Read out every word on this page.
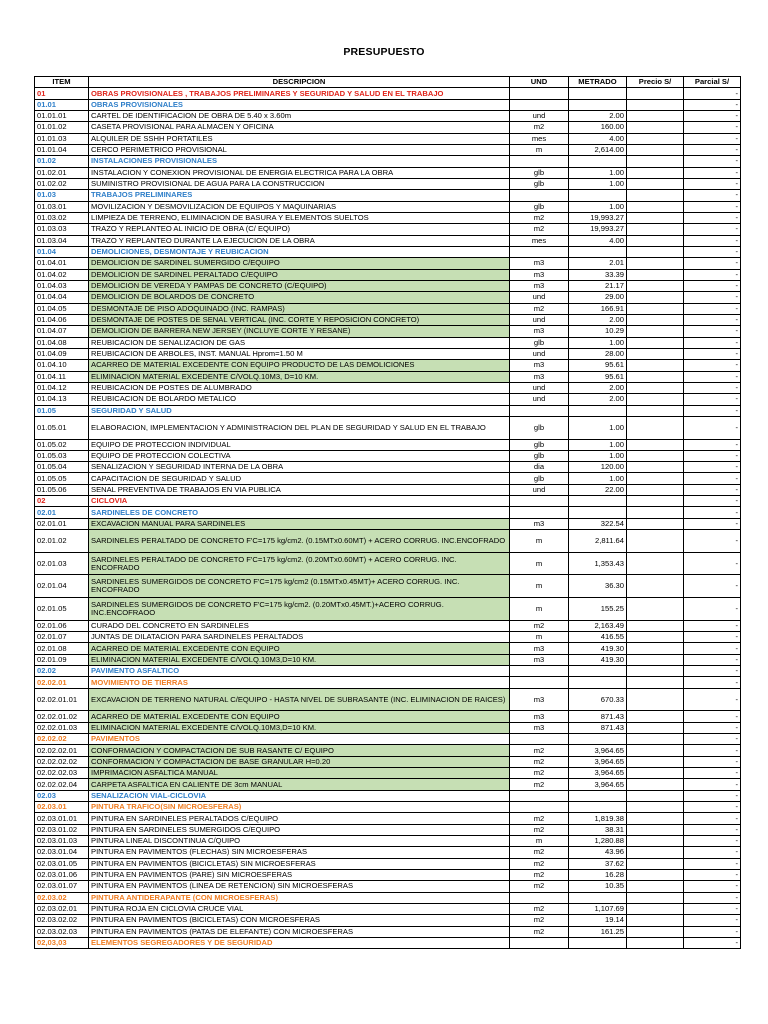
PRESUPUESTO
ITEM	DESCRIPCION	UND	METRADO	Precio S/	Parcial S/
01	OBRAS PROVISIONALES , TRABAJOS PRELIMINARES Y SEGURIDAD Y SALUD EN EL TRABAJO				-
01.01	OBRAS PROVISIONALES				-
01.01.01	CARTEL DE IDENTIFICACION DE OBRA DE 5.40 x 3.60m	und	2.00		-
01.01.02	CASETA PROVISIONAL PARA ALMACEN Y OFICINA	m2	160.00		-
01.01.03	ALQUILER DE SSHH PORTATILES	mes	4.00		-
01.01.04	CERCO PERIMETRICO PROVISIONAL	m	2,614.00		-
01.02	INSTALACIONES PROVISIONALES				-
01.02.01	INSTALACION Y CONEXION PROVISIONAL DE ENERGIA ELECTRICA PARA LA OBRA	glb	1.00		-
01.02.02	SUMINISTRO PROVISIONAL DE AGUA PARA LA CONSTRUCCION	glb	1.00		-
01.03	TRABAJOS PRELIMINARES				-
01.03.01	MOVILIZACION Y DESMOVILIZACION DE EQUIPOS Y MAQUINARIAS	glb	1.00		-
01.03.02	LIMPIEZA DE TERRENO, ELIMINACION DE BASURA Y ELEMENTOS SUELTOS	m2	19,993.27		-
01.03.03	TRAZO Y REPLANTEO AL INICIO DE OBRA (C/ EQUIPO)	m2	19,993.27		-
01.03.04	TRAZO Y REPLANTEO DURANTE LA EJECUCION DE LA OBRA	mes	4.00		-
01.04	DEMOLICIONES, DESMONTAJE Y REUBICACION				-
01.04.01	DEMOLICION DE SARDINEL SUMERGIDO C/EQUIPO	m3	2.01		-
01.04.02	DEMOLICION DE SARDINEL PERALTADO C/EQUIPO	m3	33.39		-
01.04.03	DEMOLICION DE VEREDA Y PAMPAS DE CONCRETO (C/EQUIPO)	m3	21.17		-
01.04.04	DEMOLICION DE BOLARDOS DE CONCRETO	und	29.00		-
01.04.05	DESMONTAJE DE PISO ADOQUINADO (INC. RAMPAS)	m2	166.91		-
01.04.06	DESMONTAJE DE POSTES DE SENAL VERTICAL (INC. CORTE Y REPOSICION CONCRETO)	und	2.00		-
01.04.07	DEMOLICION DE BARRERA NEW JERSEY (INCLUYE CORTE Y RESANE)	m3	10.29		-
01.04.08	REUBICACION DE SENALIZACION DE GAS	glb	1.00		-
01.04.09	REUBICACION DE ARBOLES, INST. MANUAL Hprom=1.50 M	und	28.00		-
01.04.10	ACARREO DE MATERIAL EXCEDENTE CON EQUIPO PRODUCTO DE LAS DEMOLICIONES	m3	95.61		-
01.04.11	ELIMINACION MATERIAL EXCEDENTE C/VOLQ.10M3, D=10 KM.	m3	95.61		-
01.04.12	REUBICACION DE POSTES DE ALUMBRADO	und	2.00		-
01.04.13	REUBICACION DE BOLARDO METALICO	und	2.00		-
01.05	SEGURIDAD Y SALUD				-
01.05.01	ELABORACION, IMPLEMENTACION Y ADMINISTRACION DEL PLAN DE SEGURIDAD Y SALUD EN EL TRABAJO	glb	1.00		-
01.05.02	EQUIPO DE PROTECCION INDIVIDUAL	glb	1.00		-
01.05.03	EQUIPO DE PROTECCION COLECTIVA	glb	1.00		-
01.05.04	SENALIZACION Y SEGURIDAD INTERNA DE LA OBRA	dia	120.00		-
01.05.05	CAPACITACION DE SEGURIDAD Y SALUD	glb	1.00		-
01.05.06	SENAL PREVENTIVA DE TRABAJOS EN VIA PUBLICA	und	22.00		-
02	CICLOVIA				-
02.01	SARDINELES DE CONCRETO				-
02.01.01	EXCAVACION MANUAL PARA SARDINELES	m3	322.54		-
02.01.02	SARDINELES PERALTADO DE CONCRETO F'C=175 kg/cm2. (0.15MTx0.60MT) + ACERO CORRUG. INC.ENCOFRADO	m	2,811.64		-
02.01.03	SARDINELES PERALTADO DE CONCRETO F'C=175 kg/cm2. (0.20MTx0.60MT) + ACERO CORRUG. INC. ENCOFRADO	m	1,353.43		-
02.01.04	SARDINELES SUMERGIDOS DE CONCRETO F'C=175 kg/cm2 (0.15MTx0.45MT)+ ACERO CORRUG. INC. ENCOFRADO	m	36.30		-
02.01.05	SARDINELES SUMERGIDOS DE CONCRETO F'C=175 kg/cm2. (0.20MTx0.45MT.)+ACERO CORRUG. INC.ENCOFRAOO	m	155.25		-
02.01.06	CURADO DEL CONCRETO EN SARDINELES	m2	2,163.49		-
02.01.07	JUNTAS DE DILATACION PARA SARDINELES PERALTADOS	m	416.55		-
02.01.08	ACARREO DE MATERIAL EXCEDENTE CON EQUIPO	m3	419.30		-
02.01.09	ELIMINACION MATERIAL EXCEDENTE C/VOLQ.10M3,D=10 KM.	m3	419.30		-
02.02	PAVIMENTO ASFALTICO				-
02.02.01	MOVIMIENTO DE TIERRAS				-
02.02.01.01	EXCAVACION DE TERRENO NATURAL C/EQUIPO - HASTA NIVEL DE SUBRASANTE (INC. ELIMINACION DE RAICES)	m3	670.33		-
02.02.01.02	ACARREO DE MATERIAL EXCEDENTE CON EQUIPO	m3	871.43		-
02.02.01.03	ELIMINACION MATERIAL EXCEDENTE C/VOLQ.10M3,D=10 KM.	m3	871.43		-
02.02.02	PAVIMENTOS				-
02.02.02.01	CONFORMACION Y COMPACTACION DE SUB RASANTE C/ EQUIPO	m2	3,964.65		-
02.02.02.02	CONFORMACION Y COMPACTACION DE BASE GRANULAR H=0.20	m2	3,964.65		-
02.02.02.03	IMPRIMACION ASFALTICA MANUAL	m2	3,964.65		-
02.02.02.04	CARPETA ASFALTICA EN CALIENTE DE 3cm MANUAL	m2	3,964.65		-
02.03	SENALIZACION VIAL-CICLOVIA				-
02.03.01	PINTURA TRAFICO(SIN MICROESFERAS)				-
02.03.01.01	PINTURA EN SARDINELES PERALTADOS C/EQUIPO	m2	1,819.38		-
02.03.01.02	PINTURA EN SARDINELES SUMERGIDOS C/EQUIPO	m2	38.31		-
02.03.01.03	PINTURA LINEAL DISCONTINUA C/QUIPO	m	1,280.88		-
02.03.01.04	PINTURA EN PAVIMENTOS (FLECHAS) SIN MICROESFERAS	m2	43.96		-
02.03.01.05	PINTURA EN PAVIMENTOS (BICICLETAS) SIN MICROESFERAS	m2	37.62		-
02.03.01.06	PINTURA EN PAVIMENTOS (PARE) SIN MICROESFERAS	m2	16.28		-
02.03.01.07	PINTURA EN PAVIMENTOS (LINEA DE RETENCION) SIN MICROESFERAS	m2	10.35		-
02.03.02	PINTURA ANTIDERAPANTE (CON MICROESFERAS)				-
02.03.02.01	PINTURA ROJA EN CICLOVIA CRUCE VIAL	m2	1,107.69		-
02.03.02.02	PINTURA EN PAVIMENTOS (BICICLETAS) CON MICROESFERAS	m2	19.14		-
02.03.02.03	PINTURA EN PAVIMENTOS (PATAS DE ELEFANTE) CON MICROESFERAS	m2	161.25		-
02,03,03	ELEMENTOS SEGREGADORES Y DE SEGURIDAD				-
